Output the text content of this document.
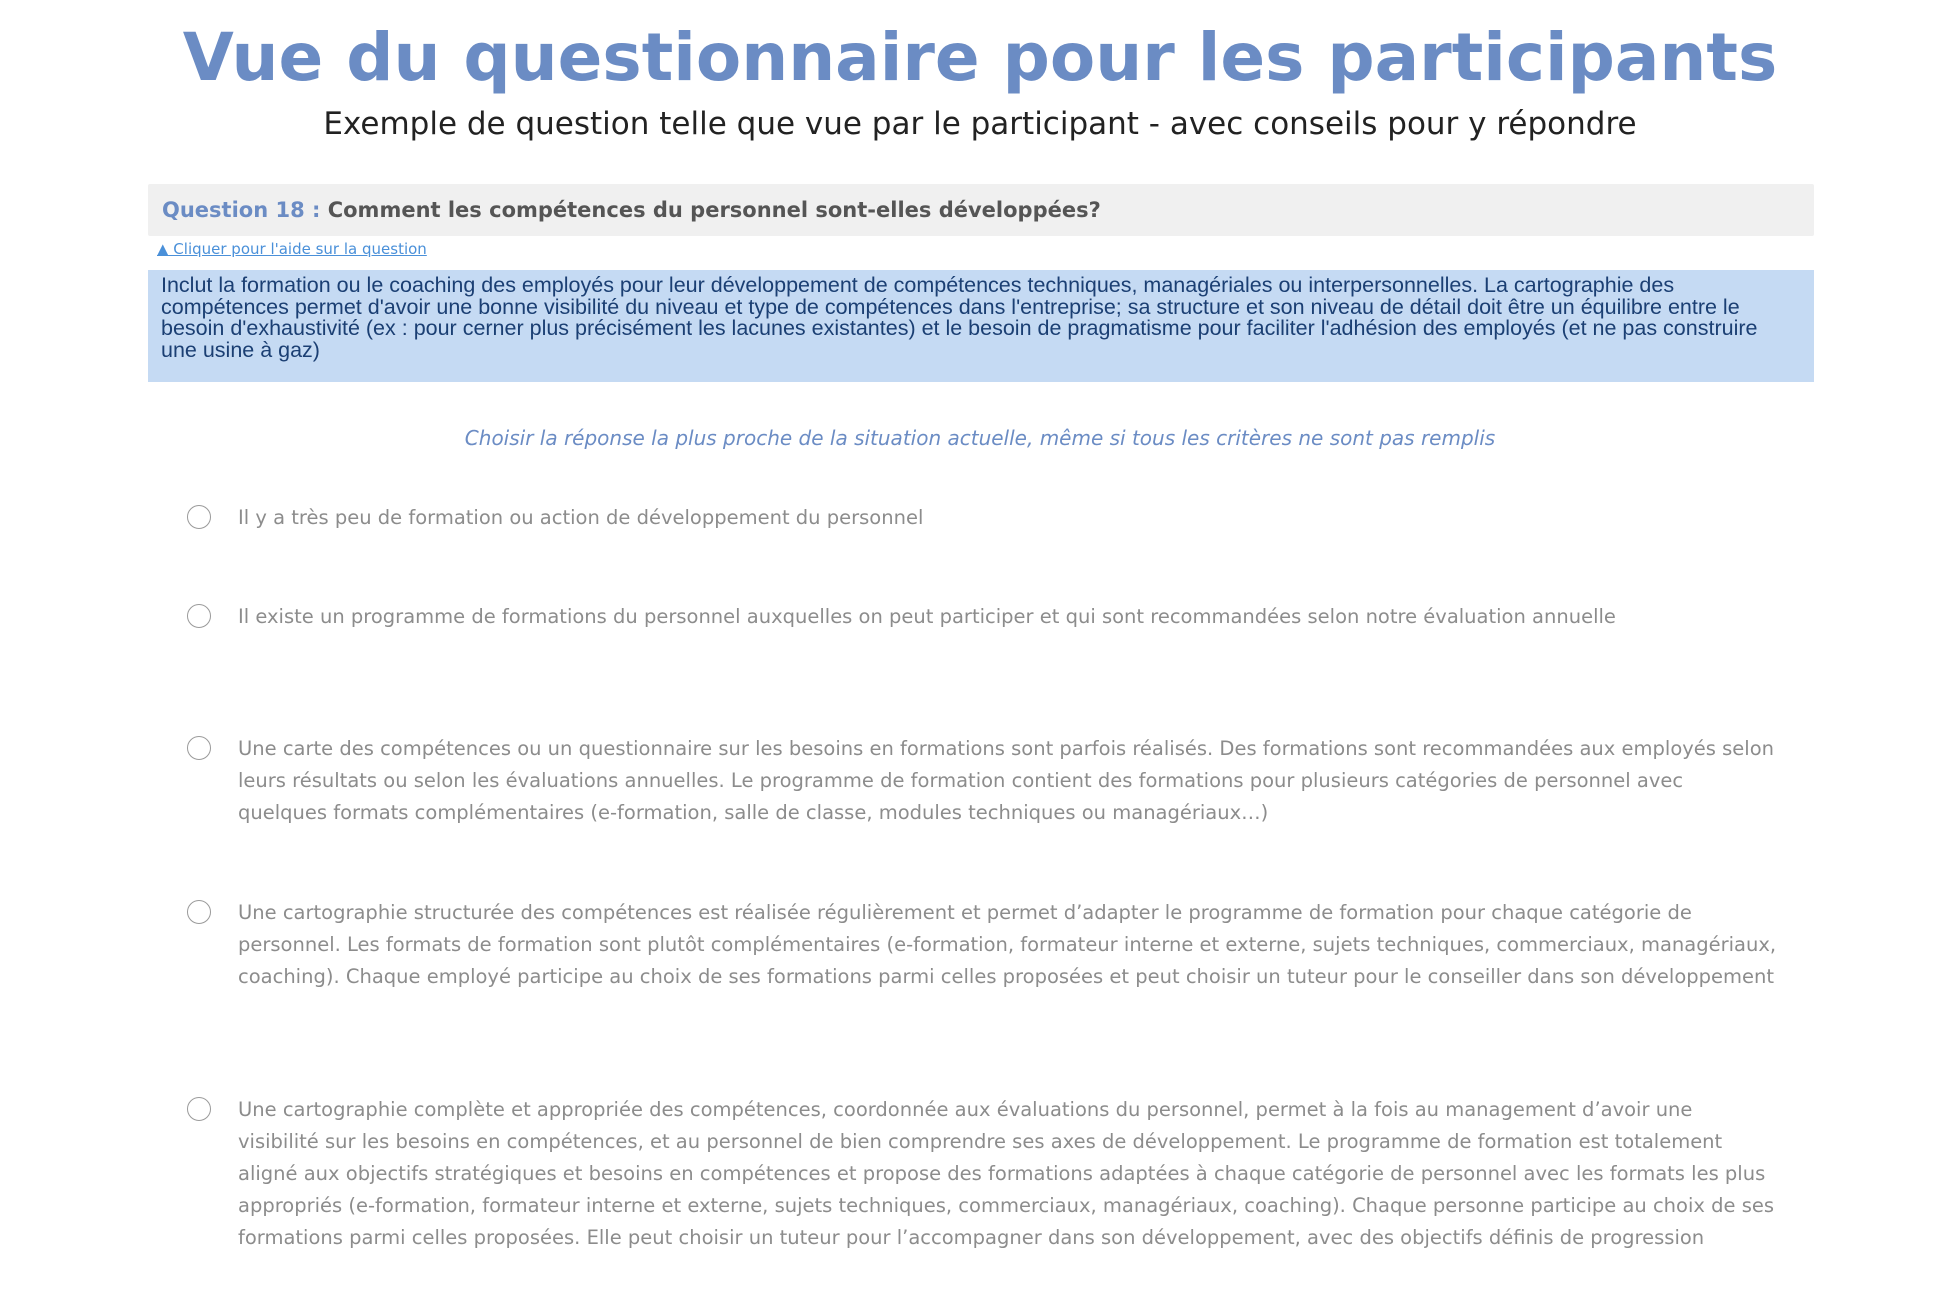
Vue du questionnaire pour les participants
Exemple de question telle que vue par le participant - avec conseils pour y répondre
Question 18 : Comment les compétences du personnel sont-elles développées?
▲ Cliquer pour l'aide sur la question
Inclut la formation ou le coaching des employés pour leur développement de compétences techniques, managériales ou interpersonnelles. La cartographie des compétences permet d'avoir une bonne visibilité du niveau et type de compétences dans l'entreprise; sa structure et son niveau de détail doit être un équilibre entre le besoin d'exhaustivité (ex : pour cerner plus précisément les lacunes existantes) et le besoin de pragmatisme pour faciliter l'adhésion des employés (et ne pas construire une usine à gaz)
Choisir la réponse la plus proche de la situation actuelle, même si tous les critères ne sont pas remplis
Il y a très peu de formation ou action de développement du personnel
Il existe un programme de formations du personnel auxquelles on peut participer et qui sont recommandées selon notre évaluation annuelle
Une carte des compétences ou un questionnaire sur les besoins en formations sont parfois réalisés. Des formations sont recommandées aux employés selon leurs résultats ou selon les évaluations annuelles. Le programme de formation contient des formations pour plusieurs catégories de personnel avec quelques formats complémentaires (e-formation, salle de classe, modules techniques ou managériaux…)
Une cartographie structurée des compétences est réalisée régulièrement et permet d’adapter le programme de formation pour chaque catégorie de personnel. Les formats de formation sont plutôt complémentaires (e-formation, formateur interne et externe, sujets techniques, commerciaux, managériaux, coaching). Chaque employé participe au choix de ses formations parmi celles proposées et peut choisir un tuteur pour le conseiller dans son développement
Une cartographie complète et appropriée des compétences, coordonnée aux évaluations du personnel, permet à la fois au management d’avoir une visibilité sur les besoins en compétences, et au personnel de bien comprendre ses axes de développement. Le programme de formation est totalement aligné aux objectifs stratégiques et besoins en compétences et propose des formations adaptées à chaque catégorie de personnel avec les formats les plus appropriés (e-formation, formateur interne et externe, sujets techniques, commerciaux, managériaux, coaching). Chaque personne participe au choix de ses formations parmi celles proposées. Elle peut choisir un tuteur pour l’accompagner dans son développement, avec des objectifs définis de progression
